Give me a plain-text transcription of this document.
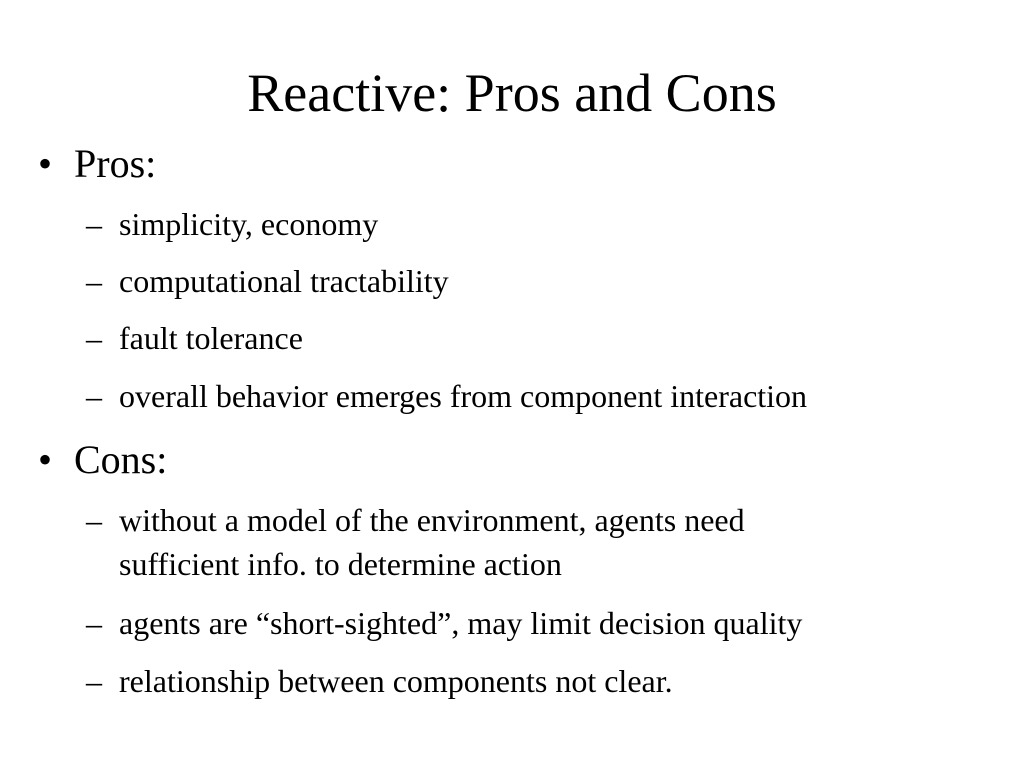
Reactive: Pros and Cons
• Pros:
– simplicity, economy
– computational tractability
– fault tolerance
– overall behavior emerges from component interaction
• Cons:
– without a model of the environment, agents need
sufficient info. to determine action
– agents are “short-sighted”, may limit decision quality
– relationship between components not clear.
